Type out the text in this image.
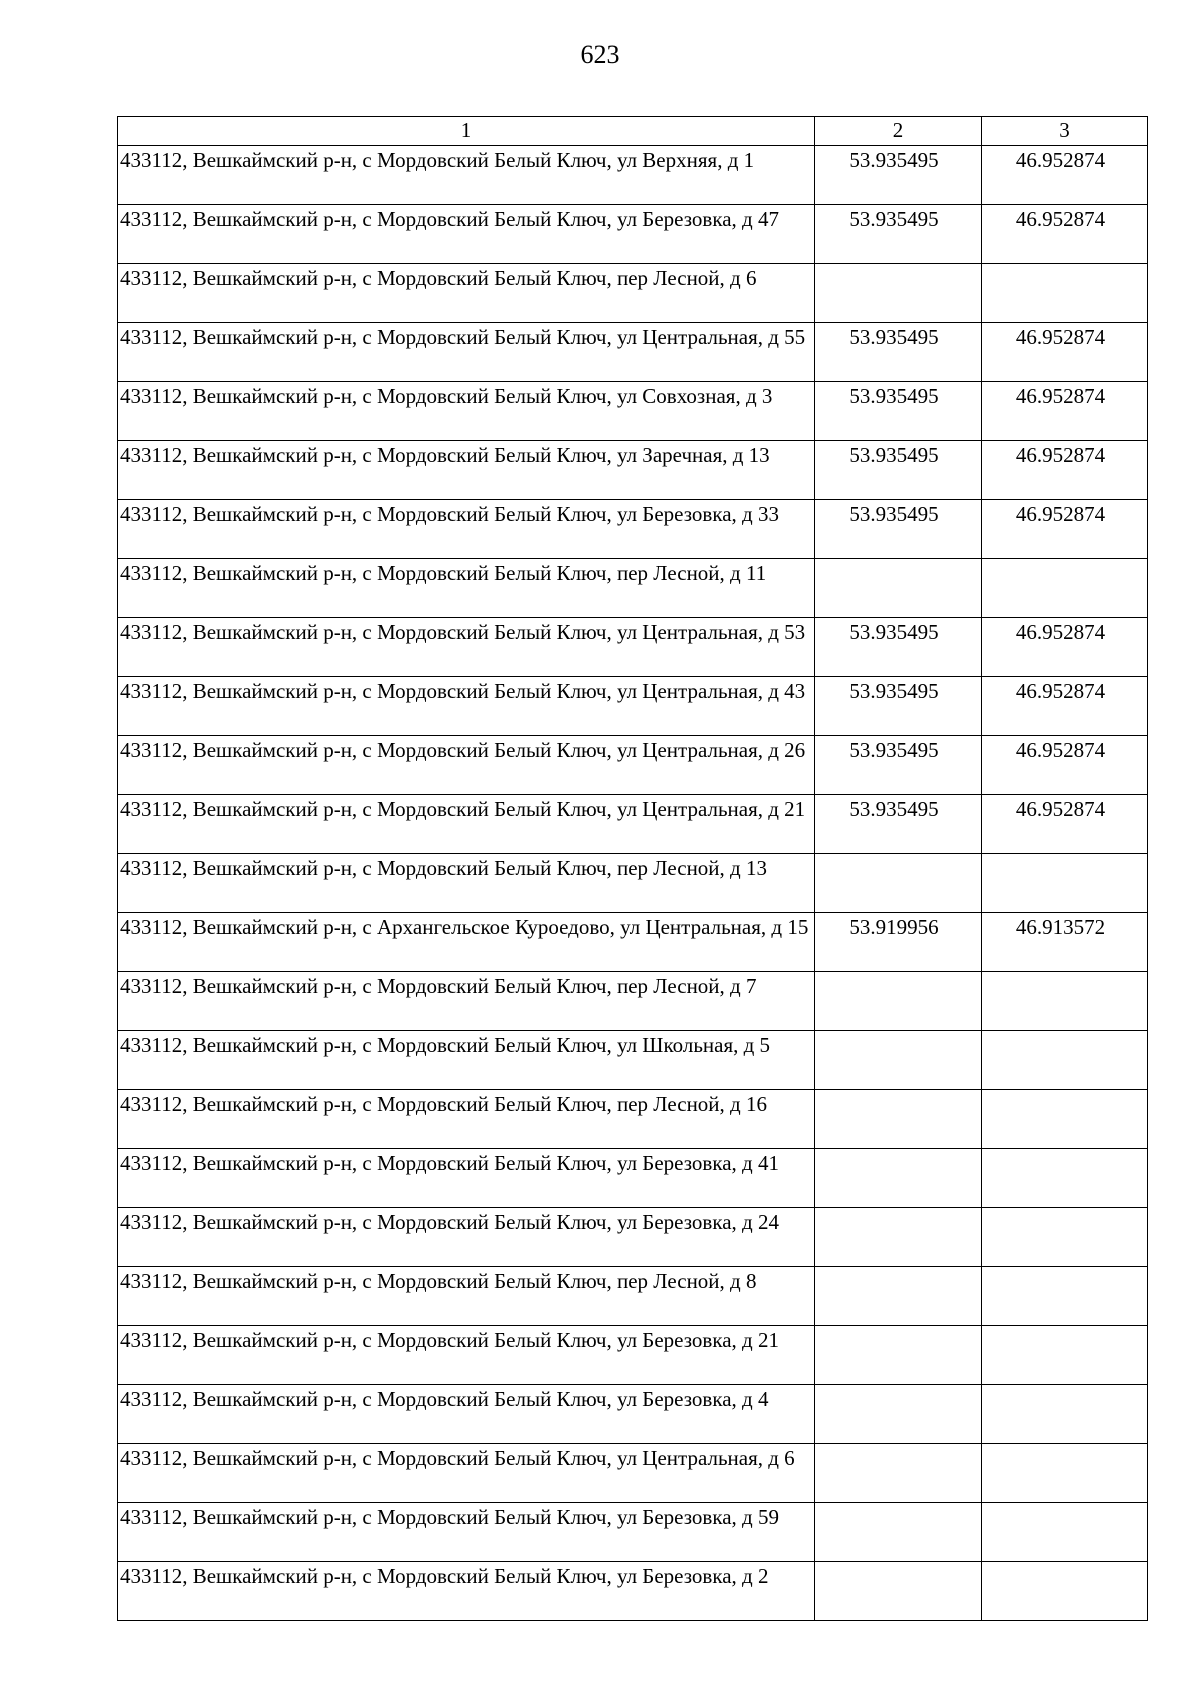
623
1	2	3
433112, Вешкаймский р-н, с Мордовский Белый Ключ, ул Верхняя, д 1	53.935495	46.952874
433112, Вешкаймский р-н, с Мордовский Белый Ключ, ул Березовка, д 47	53.935495	46.952874
433112, Вешкаймский р-н, с Мордовский Белый Ключ, пер Лесной, д 6		
433112, Вешкаймский р-н, с Мордовский Белый Ключ, ул Центральная, д 55	53.935495	46.952874
433112, Вешкаймский р-н, с Мордовский Белый Ключ, ул Совхозная, д 3	53.935495	46.952874
433112, Вешкаймский р-н, с Мордовский Белый Ключ, ул Заречная, д 13	53.935495	46.952874
433112, Вешкаймский р-н, с Мордовский Белый Ключ, ул Березовка, д 33	53.935495	46.952874
433112, Вешкаймский р-н, с Мордовский Белый Ключ, пер Лесной, д 11		
433112, Вешкаймский р-н, с Мордовский Белый Ключ, ул Центральная, д 53	53.935495	46.952874
433112, Вешкаймский р-н, с Мордовский Белый Ключ, ул Центральная, д 43	53.935495	46.952874
433112, Вешкаймский р-н, с Мордовский Белый Ключ, ул Центральная, д 26	53.935495	46.952874
433112, Вешкаймский р-н, с Мордовский Белый Ключ, ул Центральная, д 21	53.935495	46.952874
433112, Вешкаймский р-н, с Мордовский Белый Ключ, пер Лесной, д 13		
433112, Вешкаймский р-н, с Архангельское Куроедово, ул Центральная, д 15	53.919956	46.913572
433112, Вешкаймский р-н, с Мордовский Белый Ключ, пер Лесной, д 7		
433112, Вешкаймский р-н, с Мордовский Белый Ключ, ул Школьная, д 5		
433112, Вешкаймский р-н, с Мордовский Белый Ключ, пер Лесной, д 16		
433112, Вешкаймский р-н, с Мордовский Белый Ключ, ул Березовка, д 41		
433112, Вешкаймский р-н, с Мордовский Белый Ключ, ул Березовка, д 24		
433112, Вешкаймский р-н, с Мордовский Белый Ключ, пер Лесной, д 8		
433112, Вешкаймский р-н, с Мордовский Белый Ключ, ул Березовка, д 21		
433112, Вешкаймский р-н, с Мордовский Белый Ключ, ул Березовка, д 4		
433112, Вешкаймский р-н, с Мордовский Белый Ключ, ул Центральная, д 6		
433112, Вешкаймский р-н, с Мордовский Белый Ключ, ул Березовка, д 59		
433112, Вешкаймский р-н, с Мордовский Белый Ключ, ул Березовка, д 2		
